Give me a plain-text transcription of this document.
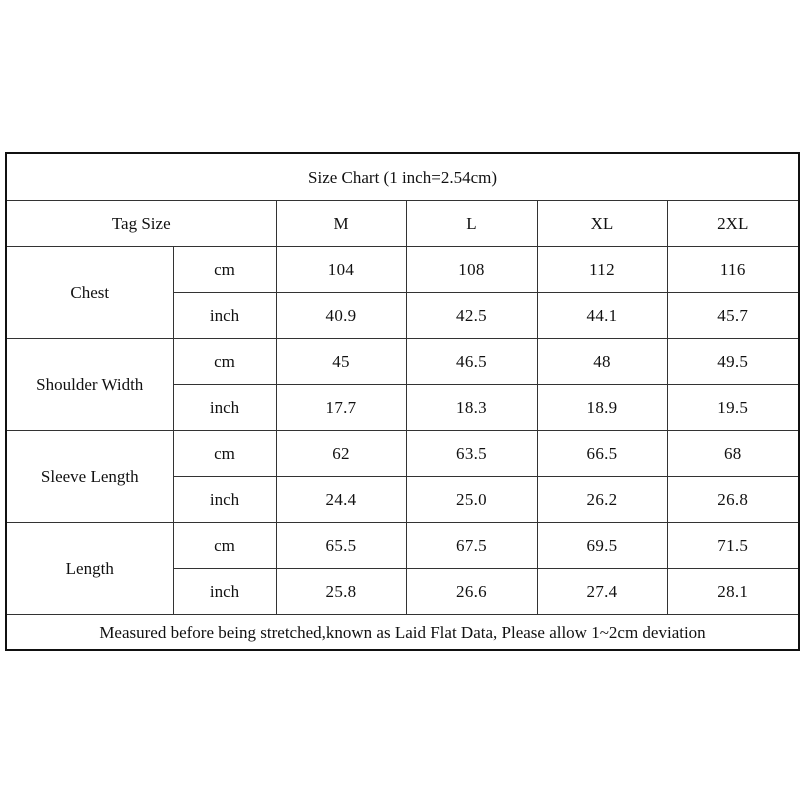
Size Chart (1 inch=2.54cm)					
Tag Size		M	L	XL	2XL
Chest	cm	104	108	112	116
	inch	40.9	42.5	44.1	45.7
Shoulder Width	cm	45	46.5	48	49.5
	inch	17.7	18.3	18.9	19.5
Sleeve Length	cm	62	63.5	66.5	68
	inch	24.4	25.0	26.2	26.8
Length	cm	65.5	67.5	69.5	71.5
	inch	25.8	26.6	27.4	28.1
Measured before being stretched,known as Laid Flat Data, Please allow 1~2cm deviation					
